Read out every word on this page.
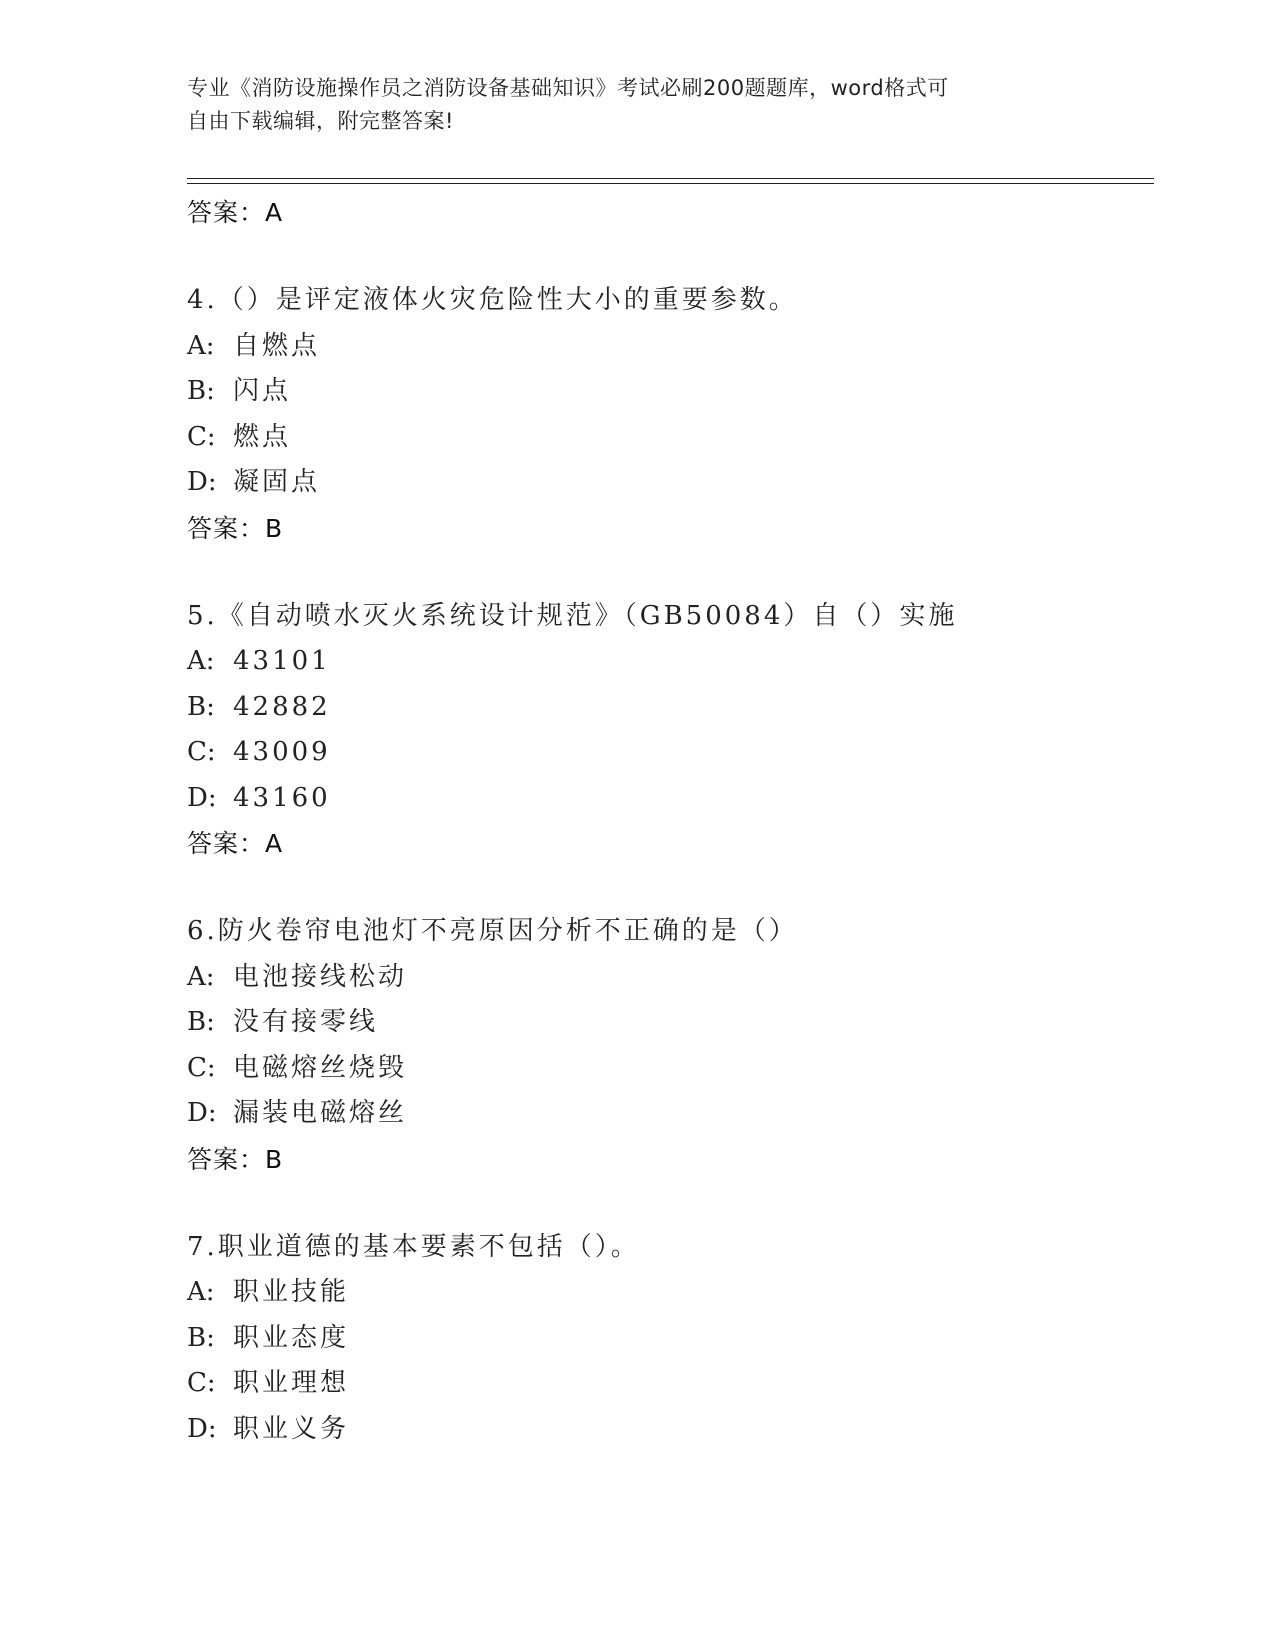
专业《消防设施操作员之消防设备基础知识》考试必刷200题题库，word格式可
自由下载编辑，附完整答案!
答案：A
4.（）是评定液体火灾危险性大小的重要参数。
A: 自燃点
B: 闪点
C: 燃点
D: 凝固点
答案：B
5.《自动喷水灭火系统设计规范》（GB50084）自（）实施
A: 43101
B: 42882
C: 43009
D: 43160
答案：A
6.防火卷帘电池灯不亮原因分析不正确的是（）
A: 电池接线松动
B: 没有接零线
C: 电磁熔丝烧毁
D: 漏装电磁熔丝
答案：B
7.职业道德的基本要素不包括（）。
A: 职业技能
B: 职业态度
C: 职业理想
D: 职业义务
